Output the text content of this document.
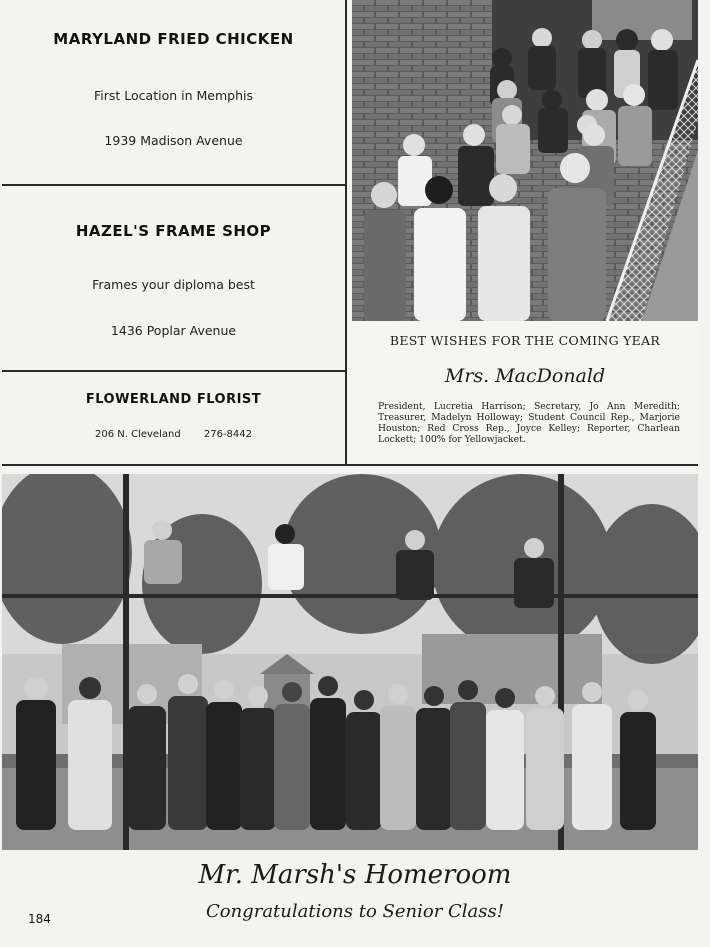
MARYLAND FRIED CHICKEN
First Location in Memphis
1939 Madison Avenue
HAZEL'S FRAME SHOP
Frames your diploma best
1436 Poplar Avenue
FLOWERLAND FLORIST
206 N. Cleveland 276-8442
BEST WISHES FOR THE COMING YEAR
Mrs. MacDonald
President, Lucretia Harrison; Secretary, Jo Ann Meredith; Treasurer, Madelyn Holloway; Student Council Rep., Marjorie Houston; Red Cross Rep., Joyce Kelley; Reporter, Charlean Lockett; 100% for Yellowjacket.
Mr. Marsh's Homeroom
Congratulations to Senior Class!
184
